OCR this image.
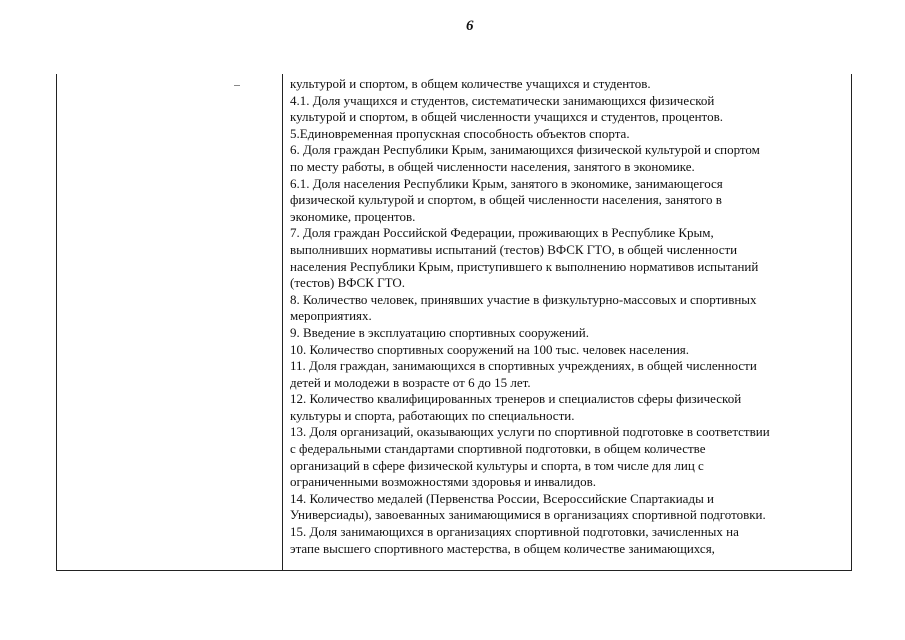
6
культурой и спортом, в общем количестве учащихся и студентов.
4.1. Доля учащихся и студентов, систематически занимающихся физической
культурой и спортом, в общей численности учащихся и студентов, процентов.
5.Единовременная пропускная способность объектов спорта.
6. Доля граждан Республики Крым, занимающихся физической культурой и спортом
по месту работы, в общей численности населения, занятого в экономике.
6.1. Доля населения Республики Крым, занятого в экономике, занимающегося
физической культурой и спортом, в общей численности населения, занятого в
экономике, процентов.
7. Доля граждан Российской Федерации, проживающих в Республике Крым,
выполнивших нормативы испытаний (тестов) ВФСК ГТО, в общей численности
населения Республики Крым, приступившего к выполнению нормативов испытаний
(тестов) ВФСК ГТО.
8. Количество человек, принявших участие в физкультурно-массовых и спортивных
мероприятиях.
9. Введение в эксплуатацию спортивных сооружений.
10. Количество спортивных сооружений на 100 тыс. человек населения.
11. Доля граждан, занимающихся в спортивных учреждениях, в общей численности
детей и молодежи в возрасте от 6 до 15 лет.
12. Количество квалифицированных тренеров и специалистов сферы физической
культуры и спорта, работающих по специальности.
13. Доля организаций, оказывающих услуги по спортивной подготовке в соответствии
с федеральными стандартами спортивной подготовки, в общем количестве
организаций в сфере физической культуры и спорта, в том числе для лиц с
ограниченными возможностями здоровья и инвалидов.
14. Количество медалей (Первенства России, Всероссийские Спартакиады и
Универсиады), завоеванных занимающимися в организациях спортивной подготовки.
15. Доля занимающихся в организациях спортивной подготовки, зачисленных на
этапе высшего спортивного мастерства, в общем количестве занимающихся,
